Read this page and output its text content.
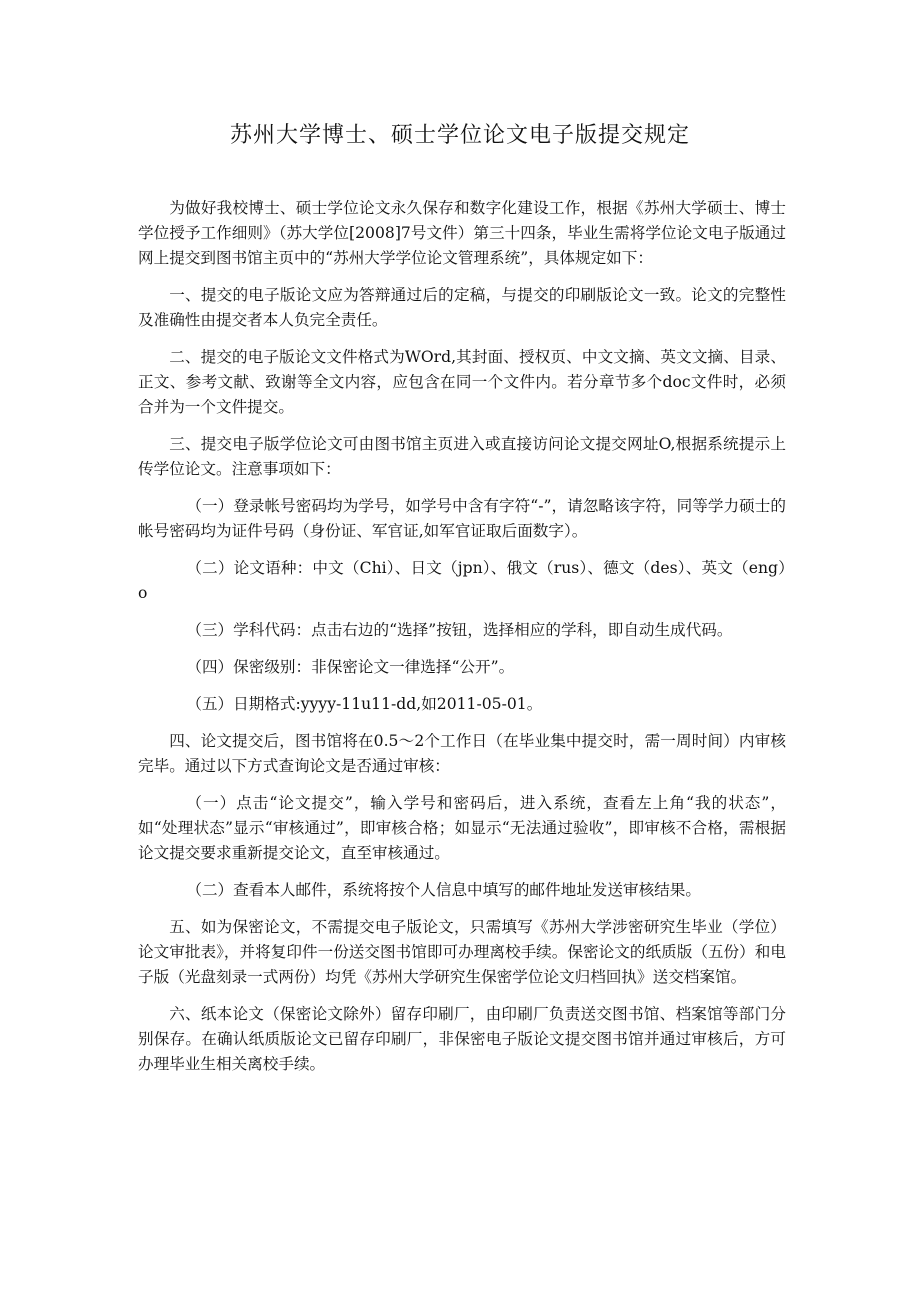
苏州大学博士、硕士学位论文电子版提交规定

为做好我校博士、硕士学位论文永久保存和数字化建设工作，根据《苏州大学硕士、博士学位授予工作细则》（苏大学位[2008]7号文件）第三十四条，毕业生需将学位论文电子版通过网上提交到图书馆主页中的“苏州大学学位论文管理系统”，具体规定如下：

一、提交的电子版论文应为答辩通过后的定稿，与提交的印刷版论文一致。论文的完整性及准确性由提交者本人负完全责任。

二、提交的电子版论文文件格式为WOrd,其封面、授权页、中文文摘、英文文摘、目录、正文、参考文献、致谢等全文内容，应包含在同一个文件内。若分章节多个doc文件时，必须合并为一个文件提交。

三、提交电子版学位论文可由图书馆主页进入或直接访问论文提交网址O,根据系统提示上传学位论文。注意事项如下：

（一）登录帐号密码均为学号，如学号中含有字符“-”，请忽略该字符，同等学力硕士的帐号密码均为证件号码（身份证、军官证,如军官证取后面数字）。

（二）论文语种：中文（Chi）、日文（jpn）、俄文（rus）、德文（des）、英文（eng）o

（三）学科代码：点击右边的“选择”按钮，选择相应的学科，即自动生成代码。

（四）保密级别：非保密论文一律选择“公开”。

（五）日期格式:yyyy-11u11-dd,如2011-05-01。

四、论文提交后，图书馆将在0.5～2个工作日（在毕业集中提交时，需一周时间）内审核完毕。通过以下方式查询论文是否通过审核：

（一）点击“论文提交”，输入学号和密码后，进入系统，查看左上角“我的状态”，如“处理状态”显示“审核通过”，即审核合格；如显示“无法通过验收”，即审核不合格，需根据论文提交要求重新提交论文，直至审核通过。

（二）查看本人邮件，系统将按个人信息中填写的邮件地址发送审核结果。

五、如为保密论文，不需提交电子版论文，只需填写《苏州大学涉密研究生毕业（学位）论文审批表》，并将复印件一份送交图书馆即可办理离校手续。保密论文的纸质版（五份）和电子版（光盘刻录一式两份）均凭《苏州大学研究生保密学位论文归档回执》送交档案馆。

六、纸本论文（保密论文除外）留存印刷厂，由印刷厂负责送交图书馆、档案馆等部门分别保存。在确认纸质版论文已留存印刷厂，非保密电子版论文提交图书馆并通过审核后，方可办理毕业生相关离校手续。
